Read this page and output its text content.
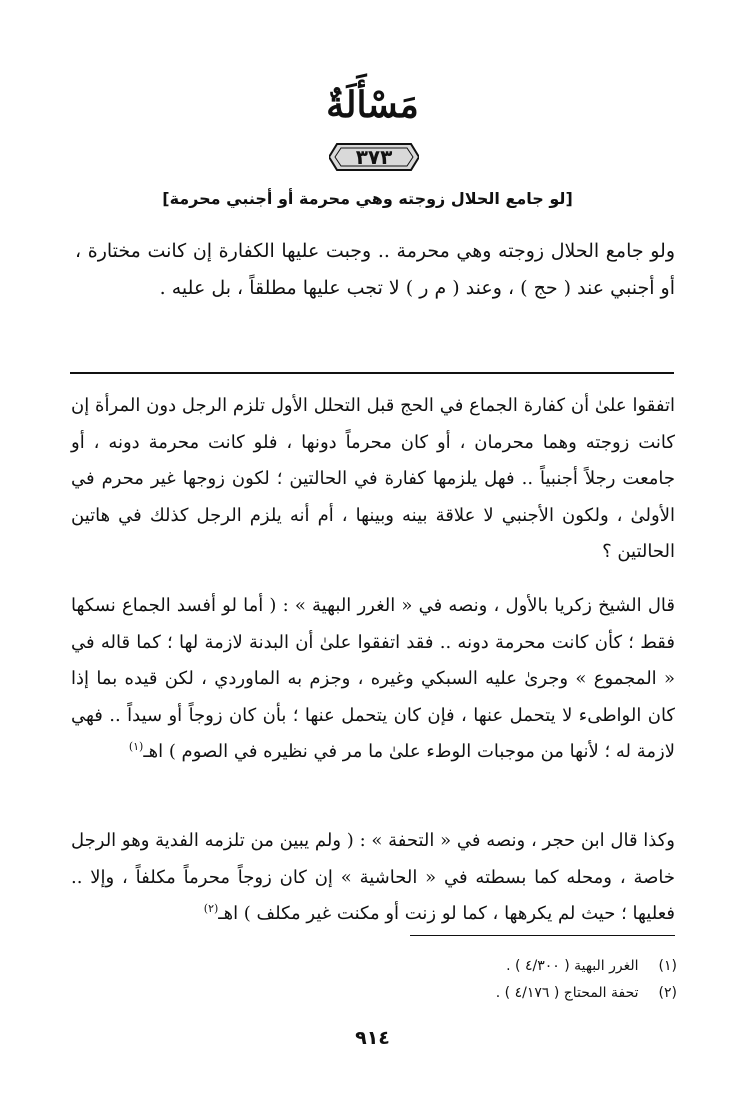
مَسْأَلَةٌ
٣٧٣
[لو جامع الحلال زوجته وهي محرمة أو أجنبي محرمة]

ولو جامع الحلال زوجته وهي محرمة .. وجبت عليها الكفارة إن كانت مختارة ، أو أجنبي عند ( حج ) ، وعند ( م ر ) لا تجب عليها مطلقاً ، بل عليه .

اتفقوا علىٰ أن كفارة الجماع في الحج قبل التحلل الأول تلزم الرجل دون المرأة إن كانت زوجته وهما محرمان ، أو كان محرماً دونها ، فلو كانت محرمة دونه ، أو جامعت رجلاً أجنبياً .. فهل يلزمها كفارة في الحالتين ؛ لكون زوجها غير محرم في الأولىٰ ، ولكون الأجنبي لا علاقة بينه وبينها ، أم أنه يلزم الرجل كذلك في هاتين الحالتين ؟

قال الشيخ زكريا بالأول ، ونصه في « الغرر البهية » : ( أما لو أفسد الجماع نسكها فقط ؛ كأن كانت محرمة دونه .. فقد اتفقوا علىٰ أن البدنة لازمة لها ؛ كما قاله في « المجموع » وجرىٰ عليه السبكي وغيره ، وجزم به الماوردي ، لكن قيده بما إذا كان الواطىء لا يتحمل عنها ، فإن كان يتحمل عنها ؛ بأن كان زوجاً أو سيداً .. فهي لازمة له ؛ لأنها من موجبات الوطء علىٰ ما مر في نظيره في الصوم ) اهـ$^{(١)}$

وكذا قال ابن حجر ، ونصه في « التحفة » : ( ولم يبين من تلزمه الفدية وهو الرجل خاصة ، ومحله كما بسطته في « الحاشية » إن كان زوجاً محرماً مكلفاً ، وإلا .. فعليها ؛ حيث لم يكرهها ، كما لو زنت أو مكنت غير مكلف ) اهـ$^{(٢)}$

(١) الغرر البهية ( ٤/٣٠٠ ) .
(٢) تحفة المحتاج ( ٤/١٧٦ ) .
٩١٤
